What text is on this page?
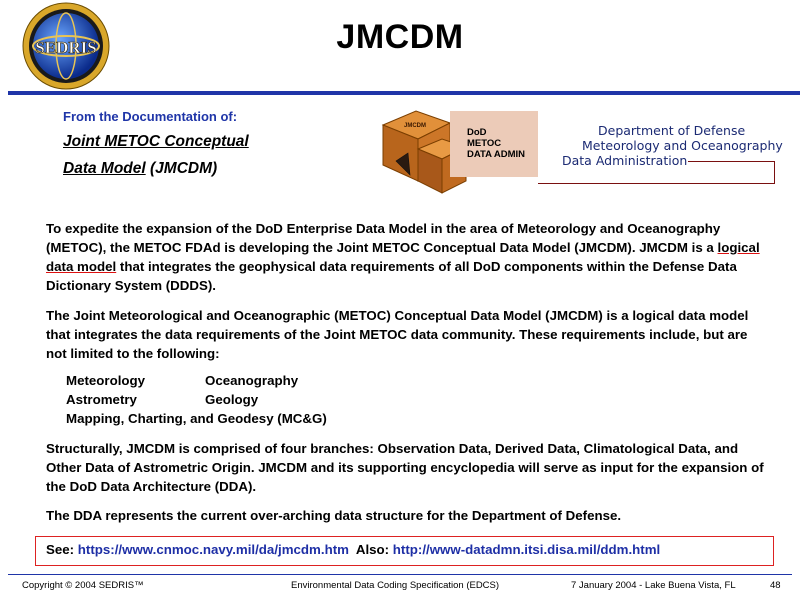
SEDRIS	JMCDM
From the Documentation of:
Joint METOC Conceptual
Data Model (JMCDM)
JMCDM
DoD
METOC
DATA ADMIN
Department of Defense
Meteorology and Oceanography
Data Administration
To expedite the expansion of the DoD Enterprise Data Model in the area of Meteorology and Oceanography (METOC), the METOC FDAd is developing the Joint METOC Conceptual Data Model (JMCDM). JMCDM is a logical data model that integrates the geophysical data requirements of all DoD components within the Defense Data Dictionary System (DDDS).
The Joint Meteorological and Oceanographic (METOC) Conceptual Data Model (JMCDM) is a logical data model that integrates the data requirements of the Joint METOC data community. These requirements include, but are not limited to the following:
Meteorology	Oceanography
Astrometry	Geology
Mapping, Charting, and Geodesy (MC&G)
Structurally, JMCDM is comprised of four branches: Observation Data, Derived Data, Climatological Data, and Other Data of Astrometric Origin. JMCDM and its supporting encyclopedia will serve as input for the expansion of the DoD Data Architecture (DDA).
The DDA represents the current over-arching data structure for the Department of Defense.
See: https://www.cnmoc.navy.mil/da/jmcdm.htm  Also: http://www-datadmn.itsi.disa.mil/ddm.html
Copyright © 2004 SEDRIS™	Environmental Data Coding Specification (EDCS)	7 January 2004 - Lake Buena Vista, FL	48
